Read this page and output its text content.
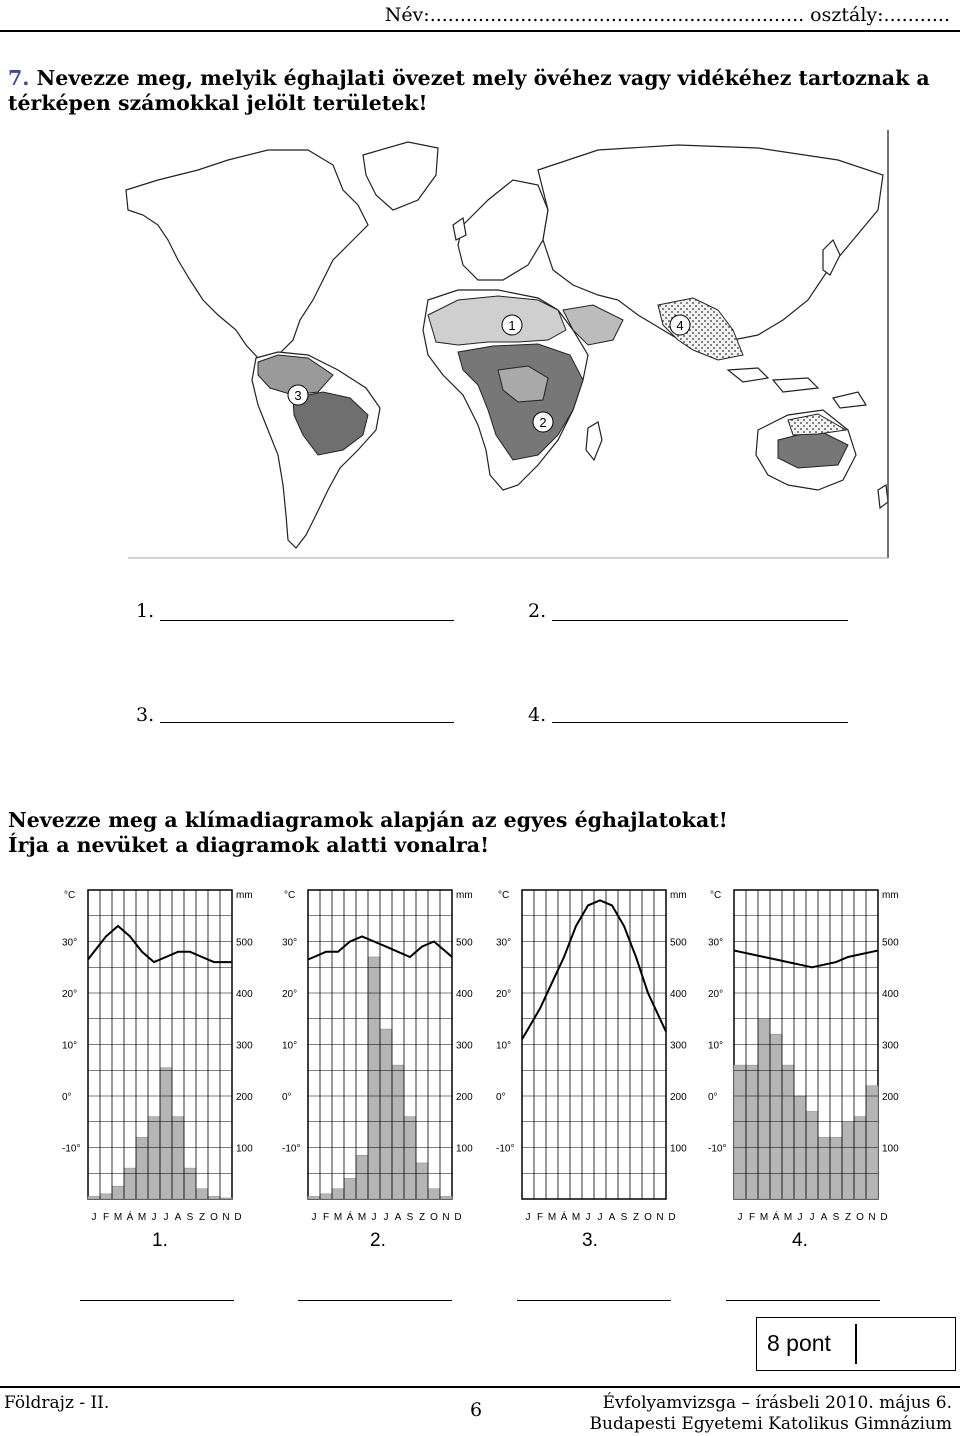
Név:.............................................................. osztály:...........
7. Nevezze meg, melyik éghajlati övezet mely övéhez vagy vidékéhez tartoznak a térképen számokkal jelölt területek!
1
2
3
4
1.	2.
3.	4.
Nevezze meg a klímadiagramok alapján az egyes éghajlatokat!
Írja a nevüket a diagramok alatti vonalra!
°C	mm
30°
20°
10°
0°
-10°
500
400
300
200
100
J F M Á M J J A S Z O N D
°C	mm
30°
20°
10°
0°
-10°
500
400
300
200
100
J F M Á M J J A S Z O N D
°C	mm
30°
20°
10°
0°
-10°
500
400
300
200
100
J F M Á M J J A S Z O N D
°C	mm
30°
20°
10°
0°
-10°
500
400
300
200
100
J F M Á M J J A S Z O N D
1.	2.	3.	4.
8 pont
Földrajz - II.	6	Évfolyamvizsga – írásbeli 2010. május 6.
Budapesti Egyetemi Katolikus Gimnázium
